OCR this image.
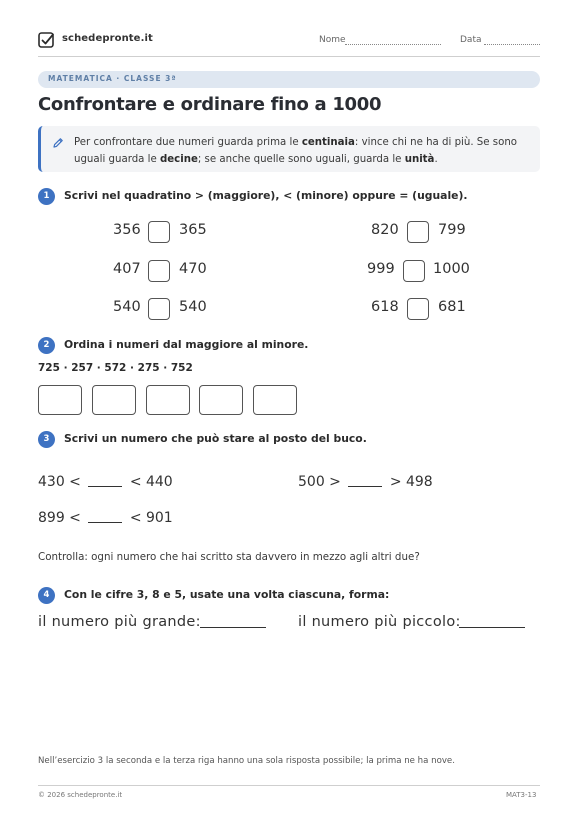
schedepronte.it	Nome	Data
MATEMATICA · CLASSE 3ª
Confrontare e ordinare fino a 1000
Per confrontare due numeri guarda prima le centinaia: vince chi ne ha di più. Se sono uguali guarda le decine; se anche quelle sono uguali, guarda le unità.
1	Scrivi nel quadratino > (maggiore), < (minore) oppure = (uguale).
356	365	820	799
407	470	999	1000
540	540	618	681
2	Ordina i numeri dal maggiore al minore.
725 · 257 · 572 · 275 · 752
3	Scrivi un numero che può stare al posto del buco.
430 <	< 440	500 >	> 498
899 <	< 901
Controlla: ogni numero che hai scritto sta davvero in mezzo agli altri due?
4	Con le cifre 3, 8 e 5, usate una volta ciascuna, forma:
il numero più grande:	il numero più piccolo:
Nell’esercizio 3 la seconda e la terza riga hanno una sola risposta possibile; la prima ne ha nove.
© 2026 schedepronte.it	MAT3-13
